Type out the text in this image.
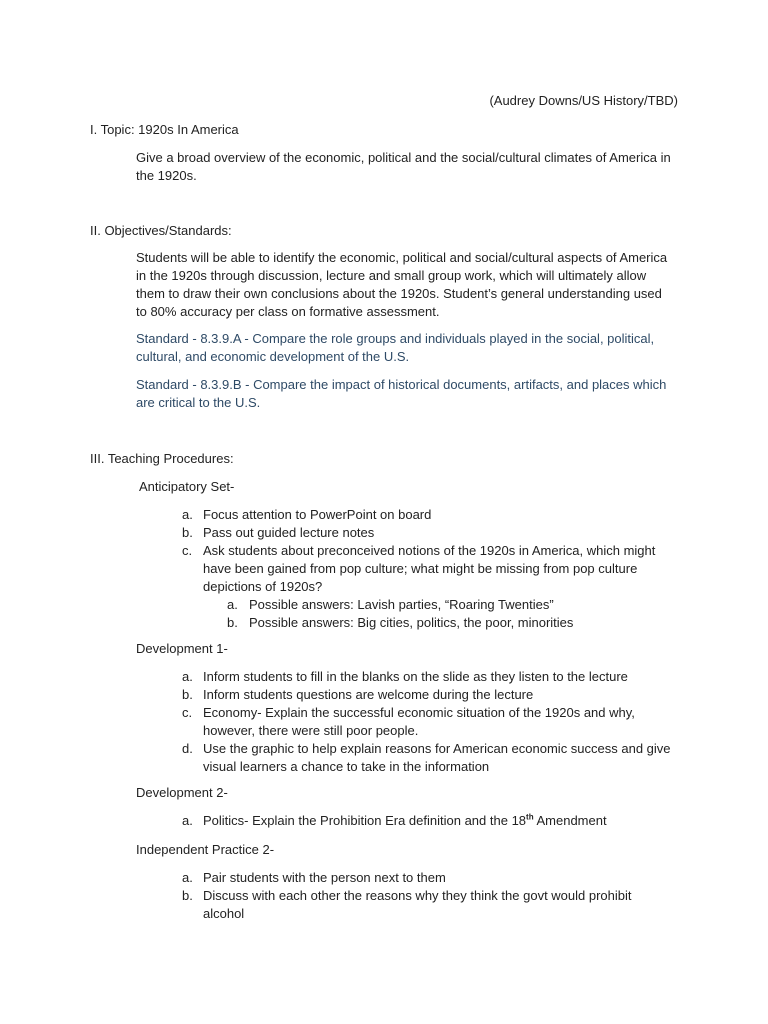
(Audrey Downs/US History/TBD)
I. Topic: 1920s In America
Give a broad overview of the economic, political and the social/cultural climates of America in the 1920s.
II. Objectives/Standards:
Students will be able to identify the economic, political and social/cultural aspects of America in the 1920s through discussion, lecture and small group work, which will ultimately allow them to draw their own conclusions about the 1920s. Student’s general understanding used to 80% accuracy per class on formative assessment.
Standard - 8.3.9.A - Compare the role groups and individuals played in the social, political, cultural, and economic development of the U.S.
Standard - 8.3.9.B - Compare the impact of historical documents, artifacts, and places which are critical to the U.S.
III. Teaching Procedures:
Anticipatory Set-
a. Focus attention to PowerPoint on board
b. Pass out guided lecture notes
c. Ask students about preconceived notions of the 1920s in America, which might have been gained from pop culture; what might be missing from pop culture depictions of 1920s?
a. Possible answers: Lavish parties, “Roaring Twenties”
b. Possible answers: Big cities, politics, the poor, minorities
Development 1-
a. Inform students to fill in the blanks on the slide as they listen to the lecture
b. Inform students questions are welcome during the lecture
c. Economy- Explain the successful economic situation of the 1920s and why, however, there were still poor people.
d. Use the graphic to help explain reasons for American economic success and give visual learners a chance to take in the information
Development 2-
a. Politics- Explain the Prohibition Era definition and the 18th Amendment
Independent Practice 2-
a. Pair students with the person next to them
b. Discuss with each other the reasons why they think the govt would prohibit alcohol
